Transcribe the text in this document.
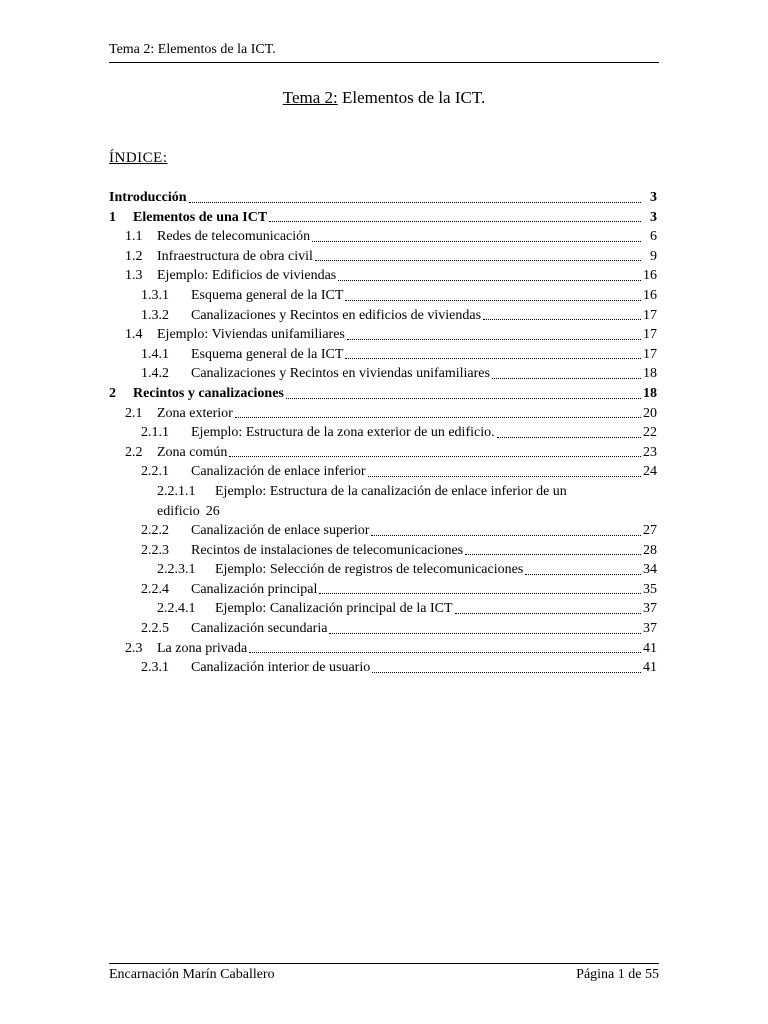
Tema 2: Elementos de la ICT.
Tema 2: Elementos de la ICT.
ÍNDICE:
Introducción	3
1	Elementos de una ICT	3
1.1	Redes de telecomunicación	6
1.2	Infraestructura de obra civil	9
1.3	Ejemplo: Edificios de viviendas	16
1.3.1	Esquema general de la ICT	16
1.3.2	Canalizaciones y Recintos en edificios de viviendas	17
1.4	Ejemplo: Viviendas unifamiliares	17
1.4.1	Esquema general de la ICT	17
1.4.2	Canalizaciones y Recintos en viviendas unifamiliares	18
2	Recintos y canalizaciones	18
2.1	Zona exterior	20
2.1.1	Ejemplo: Estructura de la zona exterior de un edificio.	22
2.2	Zona común	23
2.2.1	Canalización de enlace inferior	24
2.2.1.1	Ejemplo: Estructura de la canalización de enlace inferior de un
edificio 26
2.2.2	Canalización de enlace superior	27
2.2.3	Recintos de instalaciones de telecomunicaciones	28
2.2.3.1	Ejemplo: Selección de registros de telecomunicaciones	34
2.2.4	Canalización principal	35
2.2.4.1	Ejemplo: Canalización principal de la ICT	37
2.2.5	Canalización secundaria	37
2.3	La zona privada	41
2.3.1	Canalización interior de usuario	41
Encarnación Marín Caballero	Página 1 de 55
